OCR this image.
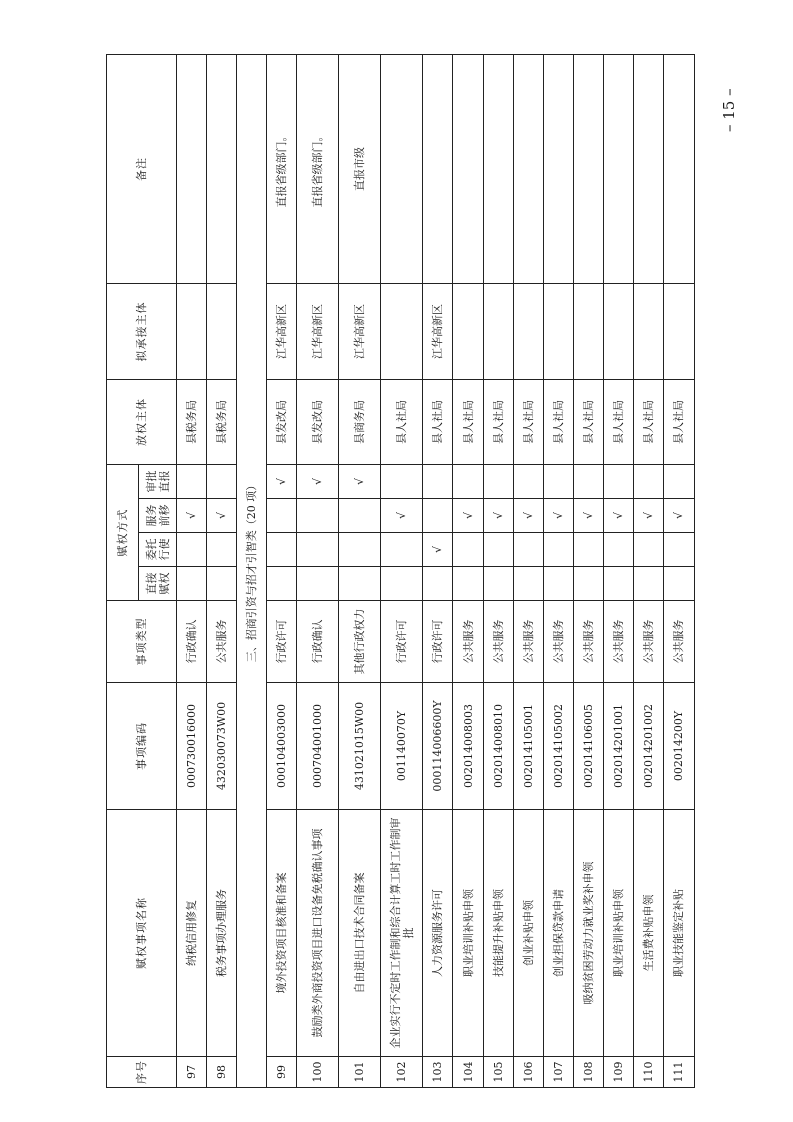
– 15 –
序号	赋权事项名称	事项编码	事项类型	赋权方式				放权主体	拟承接主体	备注
				直接赋权	委托行使	服务前移	审批直报			
97	纳税信用修复	000730016000	行政确认			√		县税务局		
98	税务事项办理服务	432030073W00	公共服务			√		县税务局		
三、招商引资与招才引智类（20 项）										
99	境外投资项目核准和备案	000104003000	行政许可				√	县发改局	江华高新区	直报省级部门。
100	鼓励类外商投资项目进口设备免税确认事项	000704001000	行政确认				√	县发改局	江华高新区	直报省级部门。
101	自由进出口技术合同备案	431021015W00	其他行政权力				√	县商务局	江华高新区	直报市级
102	企业实行不定时工作制和综合计算工时工作制审批	001140070Y	行政许可			√		县人社局		
103	人力资源服务许可	000114006600Y	行政许可		√			县人社局	江华高新区	
104	职业培训补贴申领	002014008003	公共服务			√		县人社局		
105	技能提升补贴申领	002014008010	公共服务			√		县人社局		
106	创业补贴申领	002014105001	公共服务			√		县人社局		
107	创业担保贷款申请	002014105002	公共服务			√		县人社局		
108	吸纳贫困劳动力就业奖补申领	002014106005	公共服务			√		县人社局		
109	职业培训补贴申领	002014201001	公共服务			√		县人社局		
110	生活费补贴申领	002014201002	公共服务			√		县人社局		
111	职业技能鉴定补贴	002014200Y	公共服务			√		县人社局		
